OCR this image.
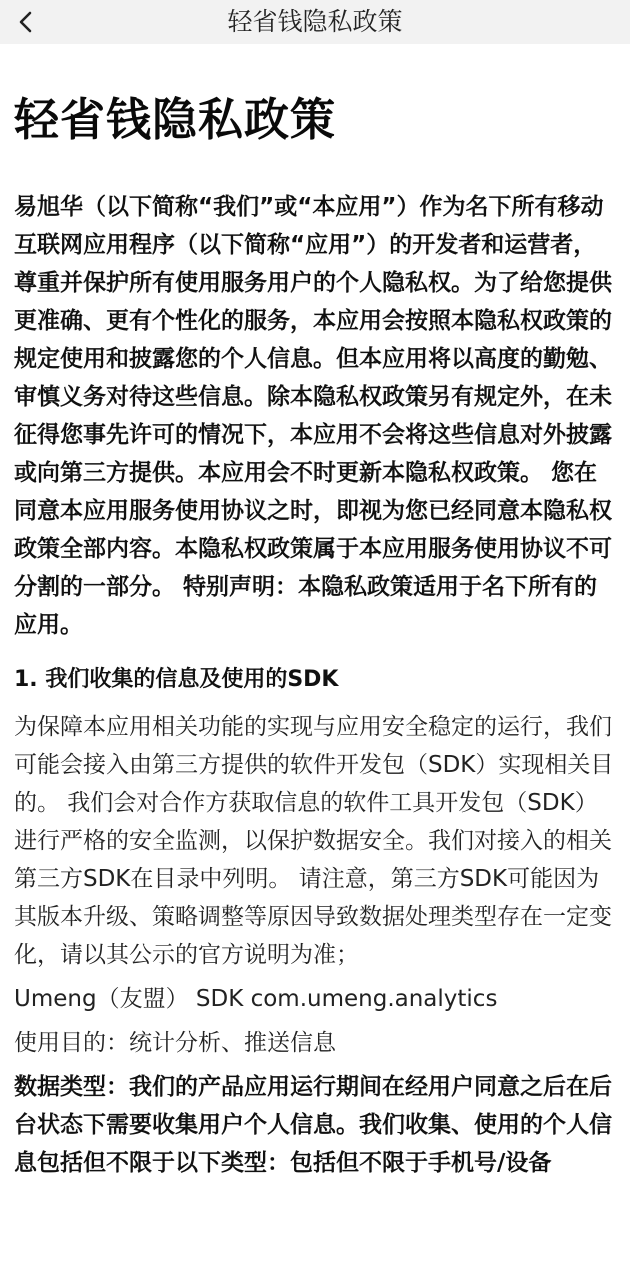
轻省钱隐私政策
轻省钱隐私政策

易旭华（以下简称“我们”或“本应用”）作为名下所有移动互联网应用程序（以下简称“应用”）的开发者和运营者，尊重并保护所有使用服务用户的个人隐私权。为了给您提供更准确、更有个性化的服务，本应用会按照本隐私权政策的规定使用和披露您的个人信息。但本应用将以高度的勤勉、审慎义务对待这些信息。除本隐私权政策另有规定外，在未征得您事先许可的情况下，本应用不会将这些信息对外披露或向第三方提供。本应用会不时更新本隐私权政策。 您在同意本应用服务使用协议之时，即视为您已经同意本隐私权政策全部内容。本隐私权政策属于本应用服务使用协议不可分割的一部分。 特别声明：本隐私政策适用于名下所有的应用。

1. 我们收集的信息及使用的SDK

为保障本应用相关功能的实现与应用安全稳定的运行，我们可能会接入由第三方提供的软件开发包（SDK）实现相关目的。 我们会对合作方获取信息的软件工具开发包（SDK）进行严格的安全监测，以保护数据安全。我们对接入的相关第三方SDK在目录中列明。 请注意，第三方SDK可能因为其版本升级、策略调整等原因导致数据处理类型存在一定变化，请以其公示的官方说明为准；

Umeng（友盟） SDK com.umeng.analytics

使用目的：统计分析、推送信息

数据类型：我们的产品应用运行期间在经用户同意之后在后台状态下需要收集用户个人信息。我们收集、使用的个人信息包括但不限于以下类型：包括但不限于手机号/设备
